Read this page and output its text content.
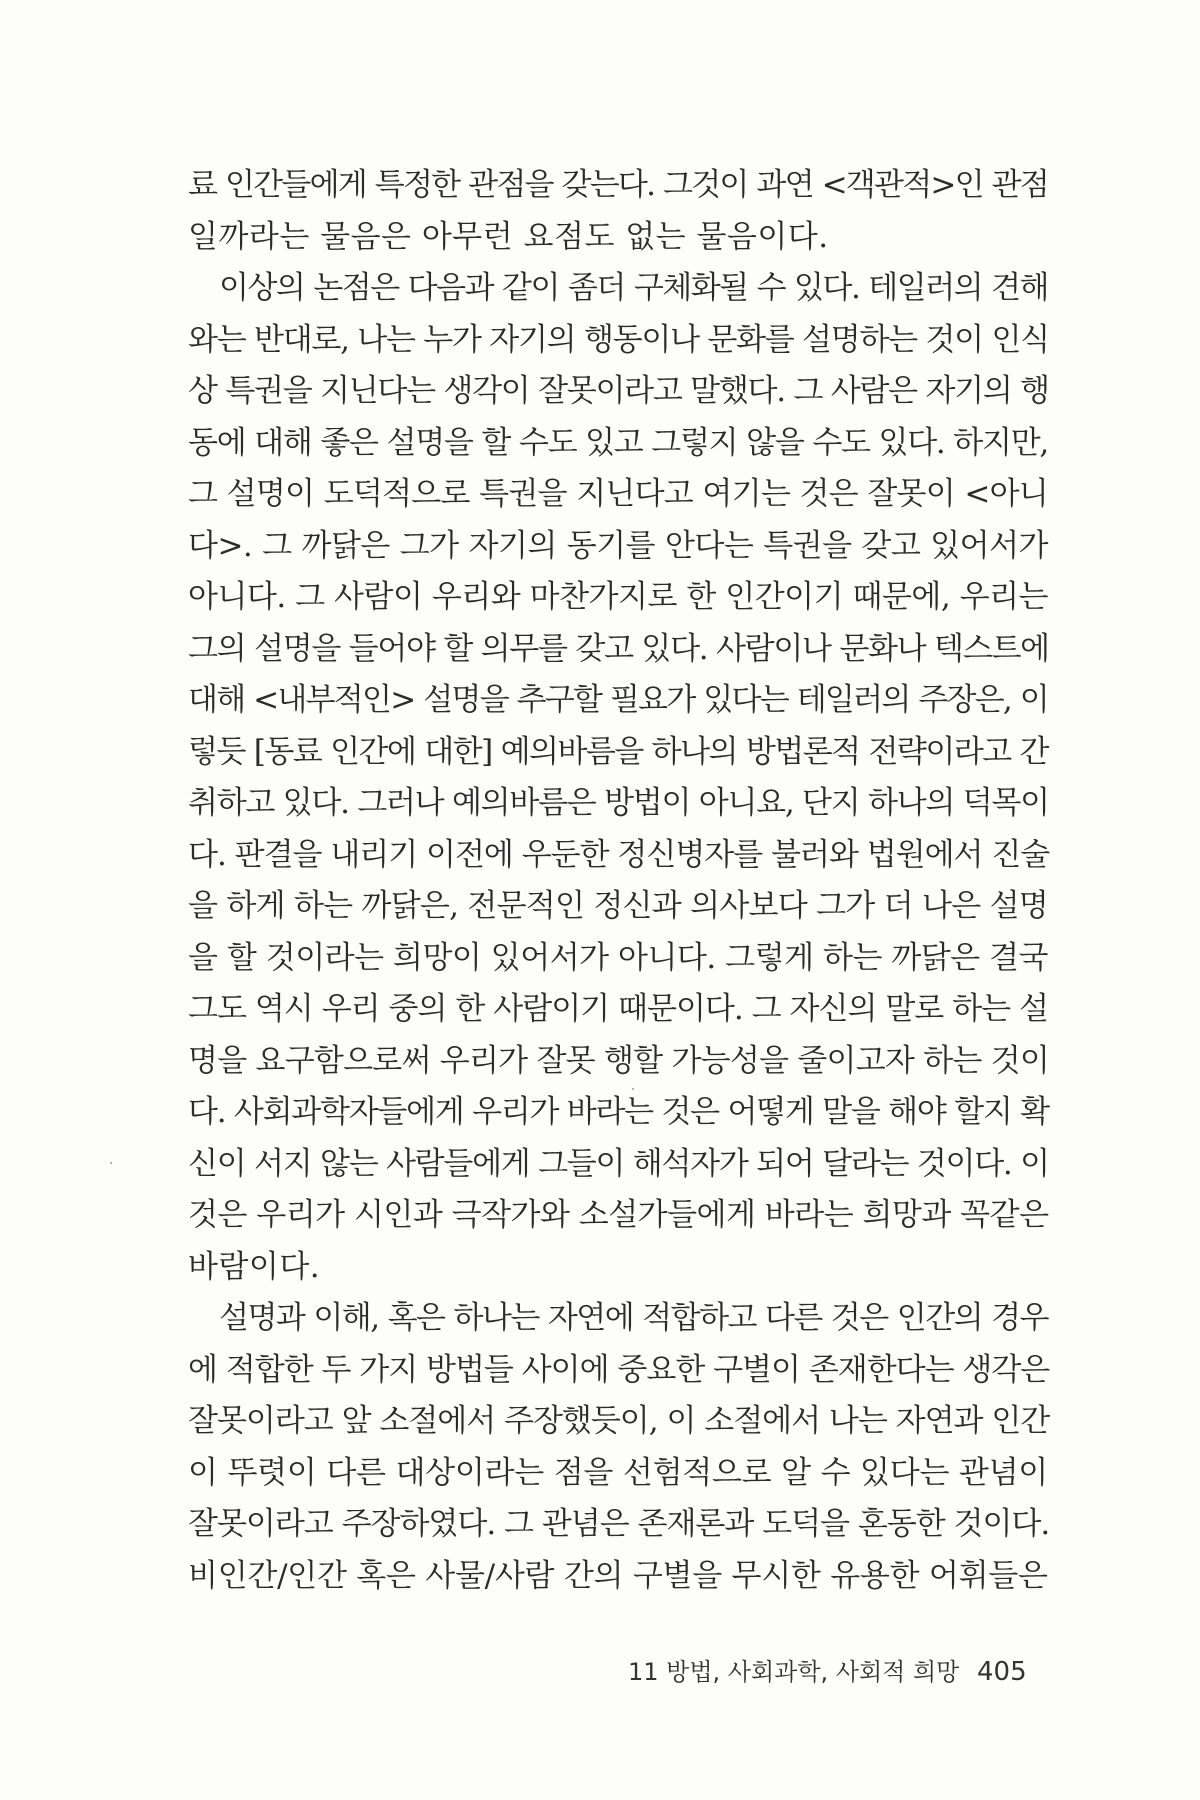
료 인간들에게 특정한 관점을 갖는다. 그것이 과연 <객관적>인 관점
일까라는 물음은 아무런 요점도 없는 물음이다.

이상의 논점은 다음과 같이 좀더 구체화될 수 있다. 테일러의 견해
와는 반대로, 나는 누가 자기의 행동이나 문화를 설명하는 것이 인식
상 특권을 지닌다는 생각이 잘못이라고 말했다. 그 사람은 자기의 행
동에 대해 좋은 설명을 할 수도 있고 그렇지 않을 수도 있다. 하지만,
그 설명이 도덕적으로 특권을 지닌다고 여기는 것은 잘못이 <아니
다>. 그 까닭은 그가 자기의 동기를 안다는 특권을 갖고 있어서가
아니다. 그 사람이 우리와 마찬가지로 한 인간이기 때문에, 우리는
그의 설명을 들어야 할 의무를 갖고 있다. 사람이나 문화나 텍스트에
대해 <내부적인> 설명을 추구할 필요가 있다는 테일러의 주장은, 이
렇듯 [동료 인간에 대한] 예의바름을 하나의 방법론적 전략이라고 간
취하고 있다. 그러나 예의바름은 방법이 아니요, 단지 하나의 덕목이
다. 판결을 내리기 이전에 우둔한 정신병자를 불러와 법원에서 진술
을 하게 하는 까닭은, 전문적인 정신과 의사보다 그가 더 나은 설명
을 할 것이라는 희망이 있어서가 아니다. 그렇게 하는 까닭은 결국
그도 역시 우리 중의 한 사람이기 때문이다. 그 자신의 말로 하는 설
명을 요구함으로써 우리가 잘못 행할 가능성을 줄이고자 하는 것이
다. 사회과학자들에게 우리가 바라는 것은 어떻게 말을 해야 할지 확
신이 서지 않는 사람들에게 그들이 해석자가 되어 달라는 것이다. 이
것은 우리가 시인과 극작가와 소설가들에게 바라는 희망과 꼭같은
바람이다.

설명과 이해, 혹은 하나는 자연에 적합하고 다른 것은 인간의 경우
에 적합한 두 가지 방법들 사이에 중요한 구별이 존재한다는 생각은
잘못이라고 앞 소절에서 주장했듯이, 이 소절에서 나는 자연과 인간
이 뚜렷이 다른 대상이라는 점을 선험적으로 알 수 있다는 관념이
잘못이라고 주장하였다. 그 관념은 존재론과 도덕을 혼동한 것이다.
비인간/인간 혹은 사물/사람 간의 구별을 무시한 유용한 어휘들은

11 방법, 사회과학, 사회적 희망 405
